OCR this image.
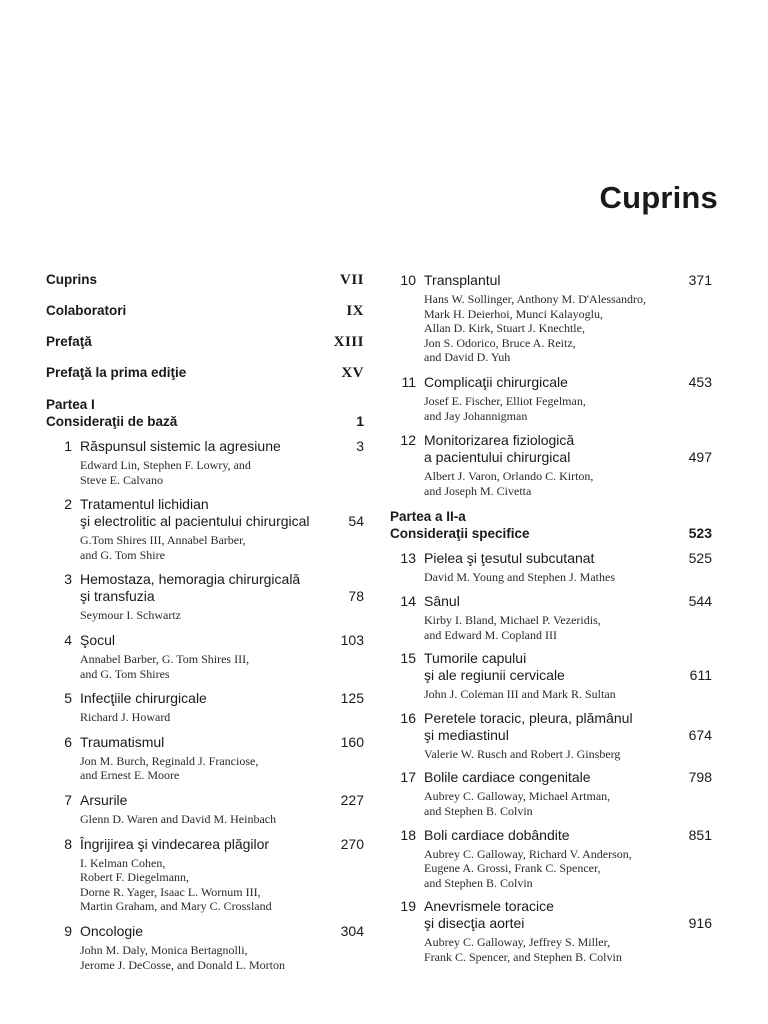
Cuprins
Cuprins	VII
Colaboratori	IX
Prefaţă	XIII
Prefaţă la prima ediţie	XV
Partea I
Consideraţii de bază	1
1 Răspunsul sistemic la agresiune	3
Edward Lin, Stephen F. Lowry, and
Steve E. Calvano
2 Tratamentul lichidian
şi electrolitic al pacientului chirurgical	54
G.Tom Shires III, Annabel Barber,
and G. Tom Shire
3 Hemostaza, hemoragia chirurgicală
şi transfuzia	78
Seymour I. Schwartz
4 Şocul	103
Annabel Barber, G. Tom Shires III,
and G. Tom Shires
5 Infecţiile chirurgicale	125
Richard J. Howard
6 Traumatismul	160
Jon M. Burch, Reginald J. Franciose,
and Ernest E. Moore
7 Arsurile	227
Glenn D. Waren and David M. Heinbach
8 Îngrijirea şi vindecarea plăgilor	270
I. Kelman Cohen,
Robert F. Diegelmann,
Dorne R. Yager, Isaac L. Wornum III,
Martin Graham, and Mary C. Crossland
9 Oncologie	304
John M. Daly, Monica Bertagnolli,
Jerome J. DeCosse, and Donald L. Morton
10 Transplantul	371
Hans W. Sollinger, Anthony M. D'Alessandro,
Mark H. Deierhoi, Munci Kalayoglu,
Allan D. Kirk, Stuart J. Knechtle,
Jon S. Odorico, Bruce A. Reitz,
and David D. Yuh
11 Complicaţii chirurgicale	453
Josef E. Fischer, Elliot Fegelman,
and Jay Johannigman
12 Monitorizarea fiziologică
a pacientului chirurgical	497
Albert J. Varon, Orlando C. Kirton,
and Joseph M. Civetta
Partea a II-a
Consideraţii specifice	523
13 Pielea şi ţesutul subcutanat	525
David M. Young and Stephen J. Mathes
14 Sânul	544
Kirby I. Bland, Michael P. Vezeridis,
and Edward M. Copland III
15 Tumorile capului
şi ale regiunii cervicale	611
John J. Coleman III and Mark R. Sultan
16 Peretele toracic, pleura, plămânul
şi mediastinul	674
Valerie W. Rusch and Robert J. Ginsberg
17 Bolile cardiace congenitale	798
Aubrey C. Galloway, Michael Artman,
and Stephen B. Colvin
18 Boli cardiace dobândite	851
Aubrey C. Galloway, Richard V. Anderson,
Eugene A. Grossi, Frank C. Spencer,
and Stephen B. Colvin
19 Anevrismele toracice
şi disecţia aortei	916
Aubrey C. Galloway, Jeffrey S. Miller,
Frank C. Spencer, and Stephen B. Colvin
